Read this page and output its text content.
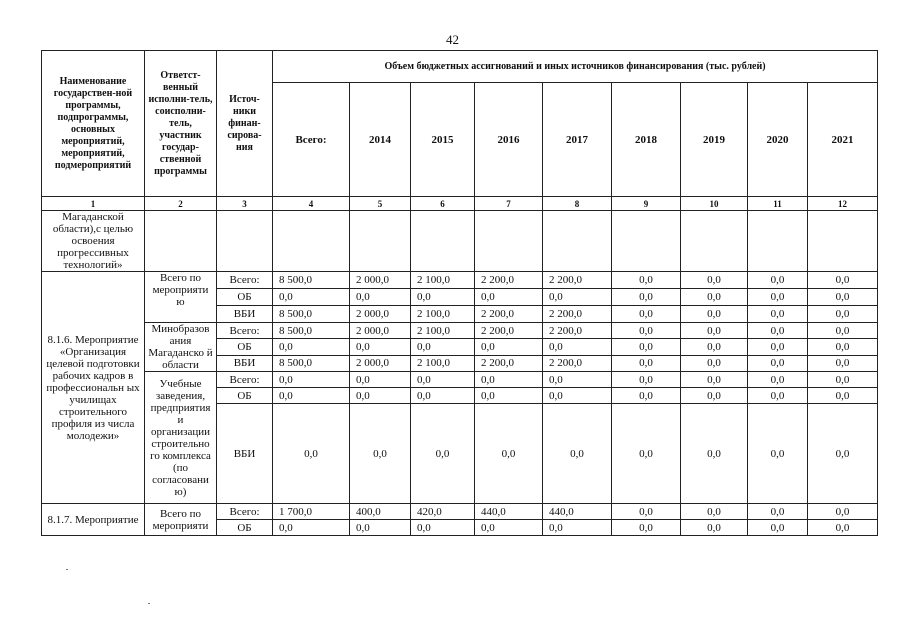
42
Наименование государствен-ной программы, подпрограммы, основных мероприятий, мероприятий, подмероприятий	Ответст-венный исполни-тель, соисполни-тель, участник государ-ственной программы	Источ-ники финан-сирова-ния	Объем бюджетных ассигнований и иных источников финансирования (тыс. рублей)								
			Всего:	2014	2015	2016	2017	2018	2019	2020	2021
1	2	3	4	5	6	7	8	9	10	11	12
Магаданской области),с целью освоения прогрессивных технологий»											
8.1.6. Мероприятие «Организация целевой подготовки рабочих кадров в профессиональн ых училищах строительного профиля из числа молодежи»	Всего по мероприяти ю	Всего:	8 500,0	2 000,0	2 100,0	2 200,0	2 200,0	0,0	0,0	0,0	0,0
		ОБ	0,0	0,0	0,0	0,0	0,0	0,0	0,0	0,0	0,0
		ВБИ	8 500,0	2 000,0	2 100,0	2 200,0	2 200,0	0,0	0,0	0,0	0,0
	Минобразов ания Магаданско й области	Всего:	8 500,0	2 000,0	2 100,0	2 200,0	2 200,0	0,0	0,0	0,0	0,0
		ОБ	0,0	0,0	0,0	0,0	0,0	0,0	0,0	0,0	0,0
		ВБИ	8 500,0	2 000,0	2 100,0	2 200,0	2 200,0	0,0	0,0	0,0	0,0
	Учебные заведения, предприятия и организации строительно го комплекса (по согласовани ю)	Всего:	0,0	0,0	0,0	0,0	0,0	0,0	0,0	0,0	0,0
		ОБ	0,0	0,0	0,0	0,0	0,0	0,0	0,0	0,0	0,0
		ВБИ	0,0	0,0	0,0	0,0	0,0	0,0	0,0	0,0	0,0
8.1.7. Мероприятие	Всего по мероприяти	Всего:	1 700,0	400,0	420,0	440,0	440,0	0,0	0,0	0,0	0,0
		ОБ	0,0	0,0	0,0	0,0	0,0	0,0	0,0	0,0	0,0
